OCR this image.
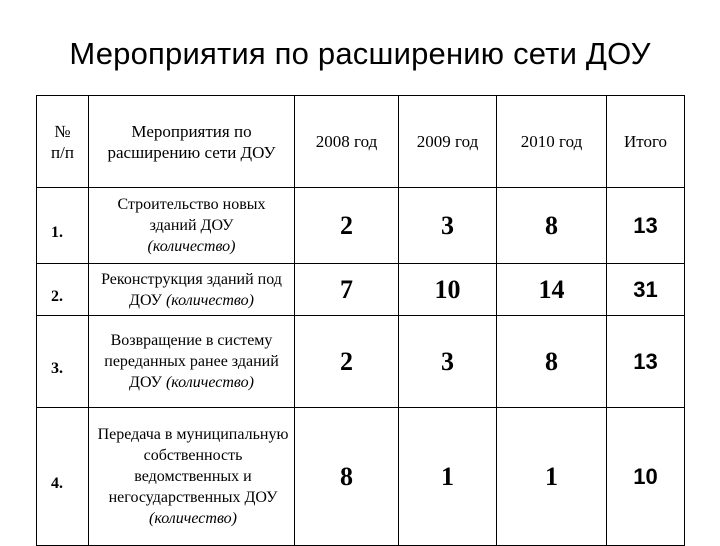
Мероприятия по расширению сети ДОУ
№ п/п	Мероприятия по расширению сети ДОУ	2008 год	2009 год	2010 год	Итого
1.	Строительство новых зданий ДОУ (количество)	2	3	8	13
2.	Реконструкция зданий под ДОУ (количество)	7	10	14	31
3.	Возвращение в систему переданных ранее зданий ДОУ (количество)	2	3	8	13
4.	Передача в муниципальную собственность ведомственных и негосударственных ДОУ (количество)	8	1	1	10
